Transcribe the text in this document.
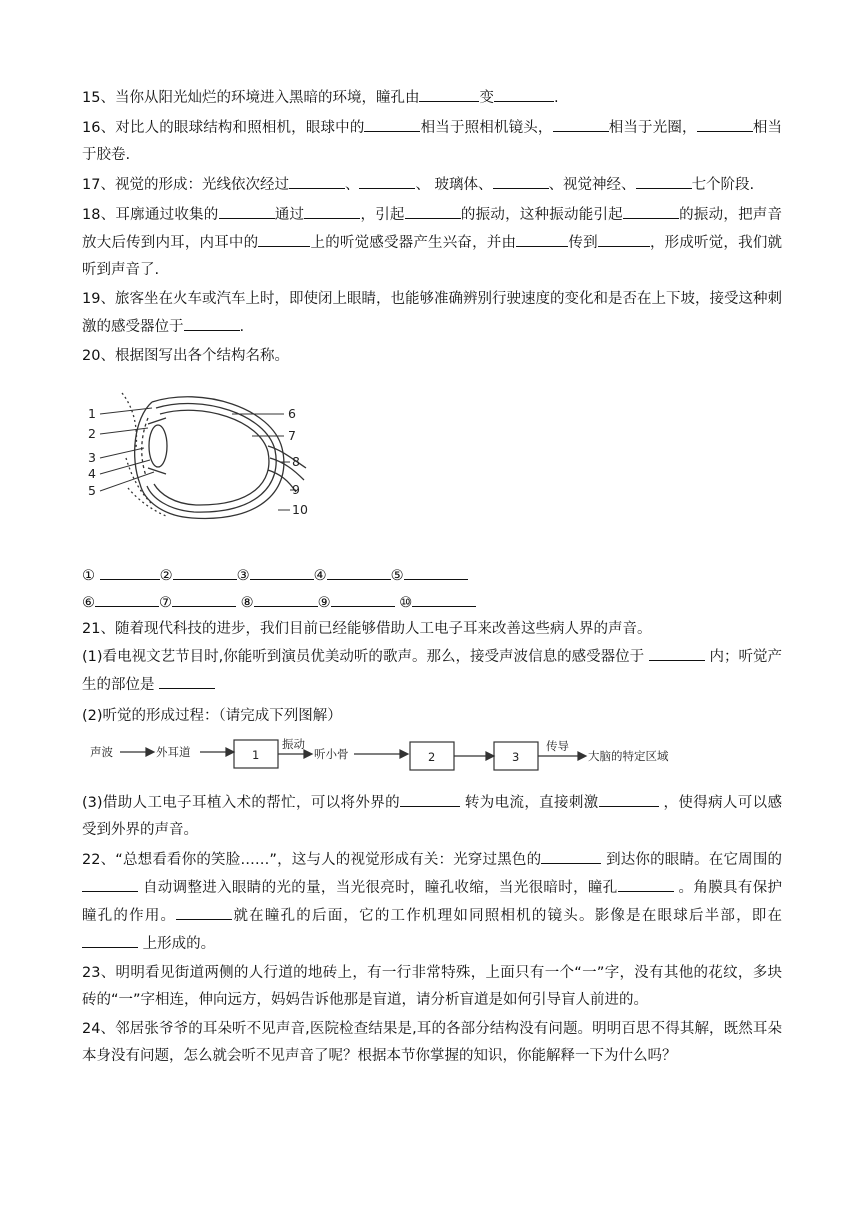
15、当你从阳光灿烂的环境进入黑暗的环境，瞳孔由	变	.

16、对比人的眼球结构和照相机，眼球中的	相当于照相机镜头，	相当于光圈，	相当于胶卷.

17、视觉的形成：光线依次经过	、	、 玻璃体、	、视觉神经、	七个阶段.

18、耳廓通过收集的	通过	，引起	的振动，这种振动能引起	的振动，把声音放大后传到内耳，内耳中的	上的听觉感受器产生兴奋，并由	传到	，形成听觉，我们就听到声音了.

19、旅客坐在火车或汽车上时，即使闭上眼睛，也能够准确辨别行驶速度的变化和是否在上下坡，接受这种刺激的感受器位于	.

20、根据图写出各个结构名称。

1
2
3
4
5
6
7
8
9
10
①	②	③	④	⑤
⑥	⑦	⑧	⑨	⑩

21、随着现代科技的进步，我们目前已经能够借助人工电子耳来改善这些病人界的声音。

(1)看电视文艺节目时,你能听到演员优美动听的歌声。那么，接受声波信息的感受器位于	内；听觉产生的部位是

(2)听觉的形成过程：（请完成下列图解）

声波	外耳道	1
振动
听小骨	2	3
传导
大脑的特定区域

(3)借助人工电子耳植入术的帮忙，可以将外界的	转为电流，直接刺激	，使得病人可以感受到外界的声音。

22、“总想看看你的笑脸……”，这与人的视觉形成有关：光穿过黑色的	到达你的眼睛。在它周围的 自动调整进入眼睛的光的量，当光很亮时，瞳孔收缩，当光很暗时，瞳孔	。角膜具有保护瞳孔的作用。	就在瞳孔的后面，它的工作机理如同照相机的镜头。影像是在眼球后半部，即在 上形成的。

23、明明看见街道两侧的人行道的地砖上，有一行非常特殊，上面只有一个“一”字，没有其他的花纹，多块砖的“一”字相连，伸向远方，妈妈告诉他那是盲道，请分析盲道是如何引导盲人前进的。

24、邻居张爷爷的耳朵听不见声音,医院检查结果是,耳的各部分结构没有问题。明明百思不得其解，既然耳朵本身没有问题，怎么就会听不见声音了呢？根据本节你掌握的知识，你能解释一下为什么吗？
